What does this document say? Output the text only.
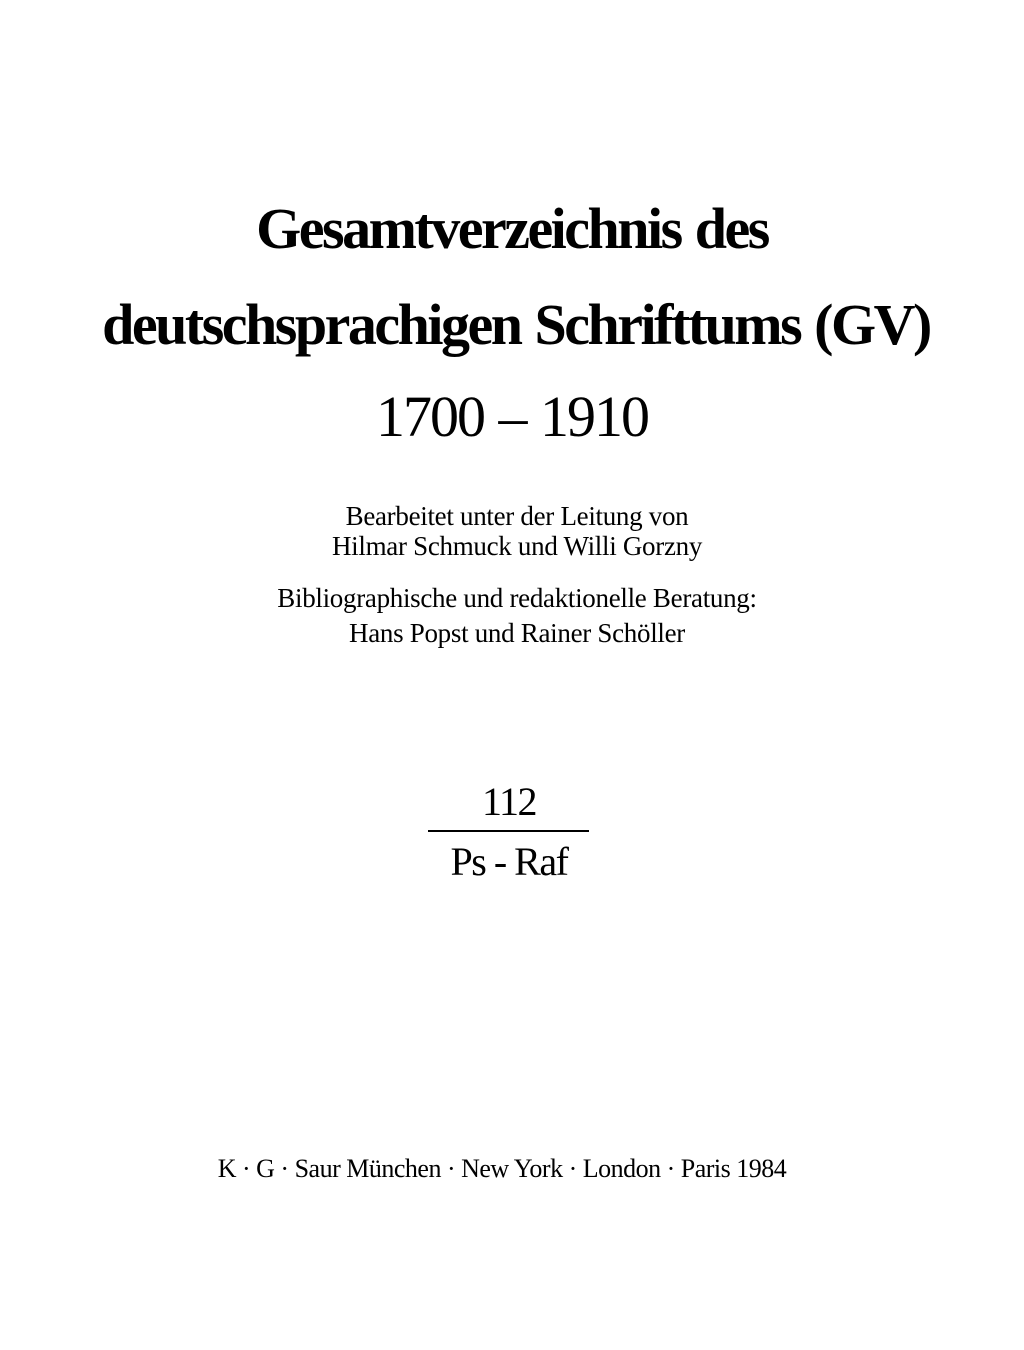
Gesamtverzeichnis des
deutschsprachigen Schrifttums (GV)
1700 – 1910
Bearbeitet unter der Leitung von
Hilmar Schmuck und Willi Gorzny
Bibliographische und redaktionelle Beratung:
Hans Popst und Rainer Schöller
112
Ps - Raf
K · G · Saur München · New York · London · Paris 1984
